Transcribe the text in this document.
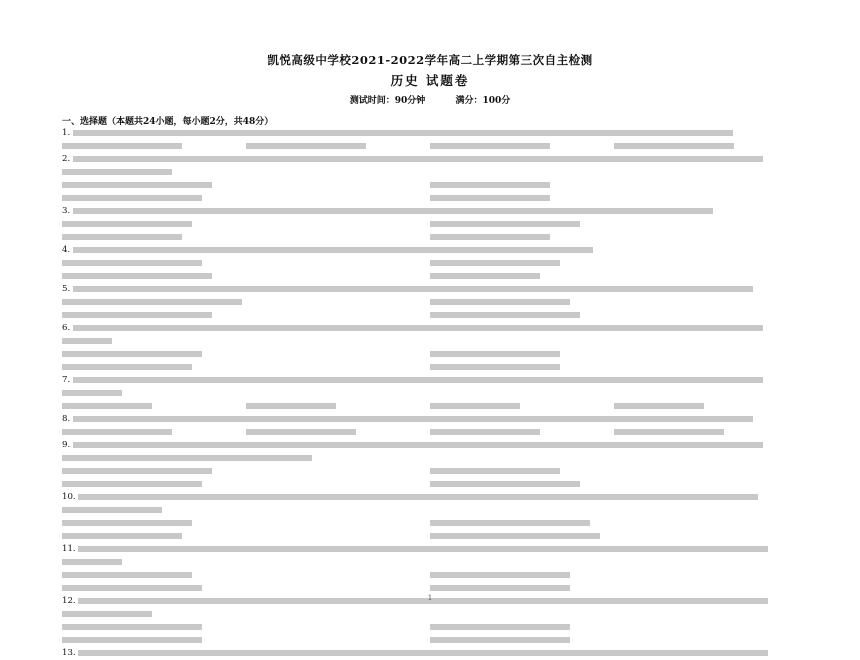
凯悦高级中学校2021-2022学年高二上学期第三次自主检测
历史 试题卷
测试时间：90分钟	满分：100分
一、选择题（本题共24小题，每小题2分，共48分）
1.
2.
3.
4.
5.
6.
7.
8.
9.
10.
11.
12.
13.
1
